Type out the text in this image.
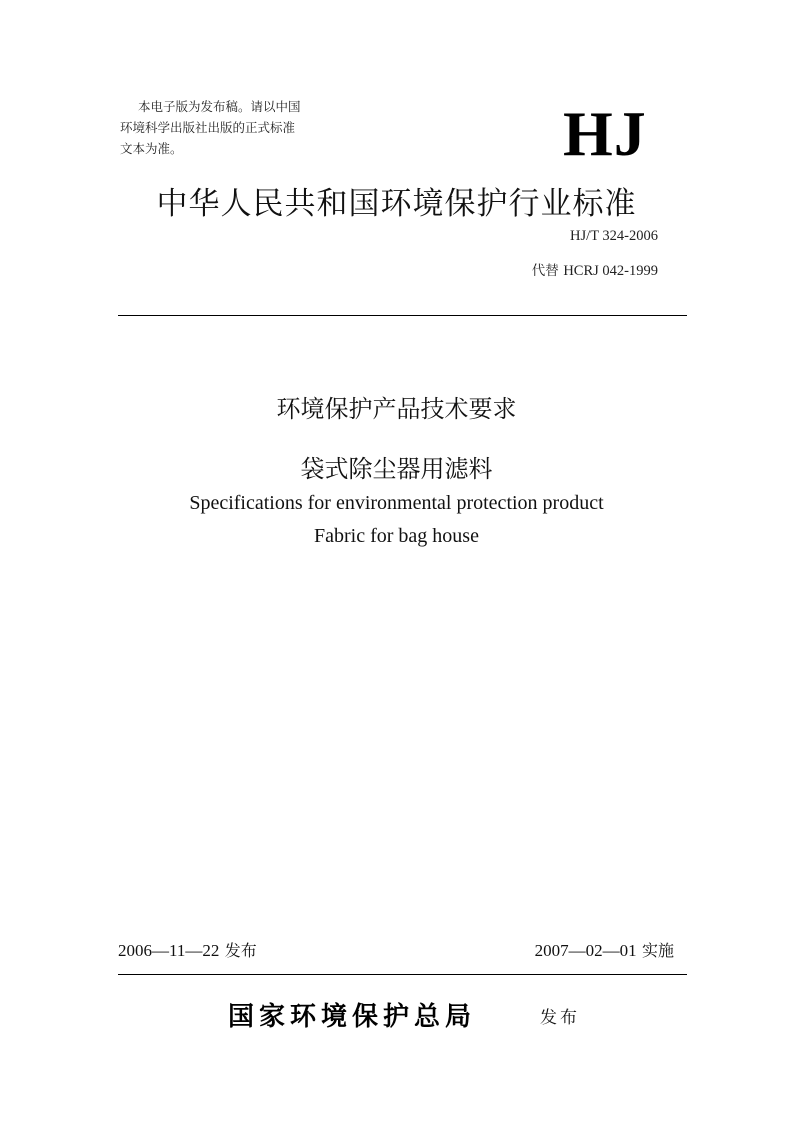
本电子版为发布稿。请以中国
环境科学出版社出版的正式标准
文本为准。	HJ
中华人民共和国环境保护行业标准
HJ/T 324-2006
代替 HCRJ 042-1999
环境保护产品技术要求
袋式除尘器用滤料
Specifications for environmental protection product
Fabric for bag house
2006—11—22 发布	2007—02—01 实施
国家环境保护总局	发布
